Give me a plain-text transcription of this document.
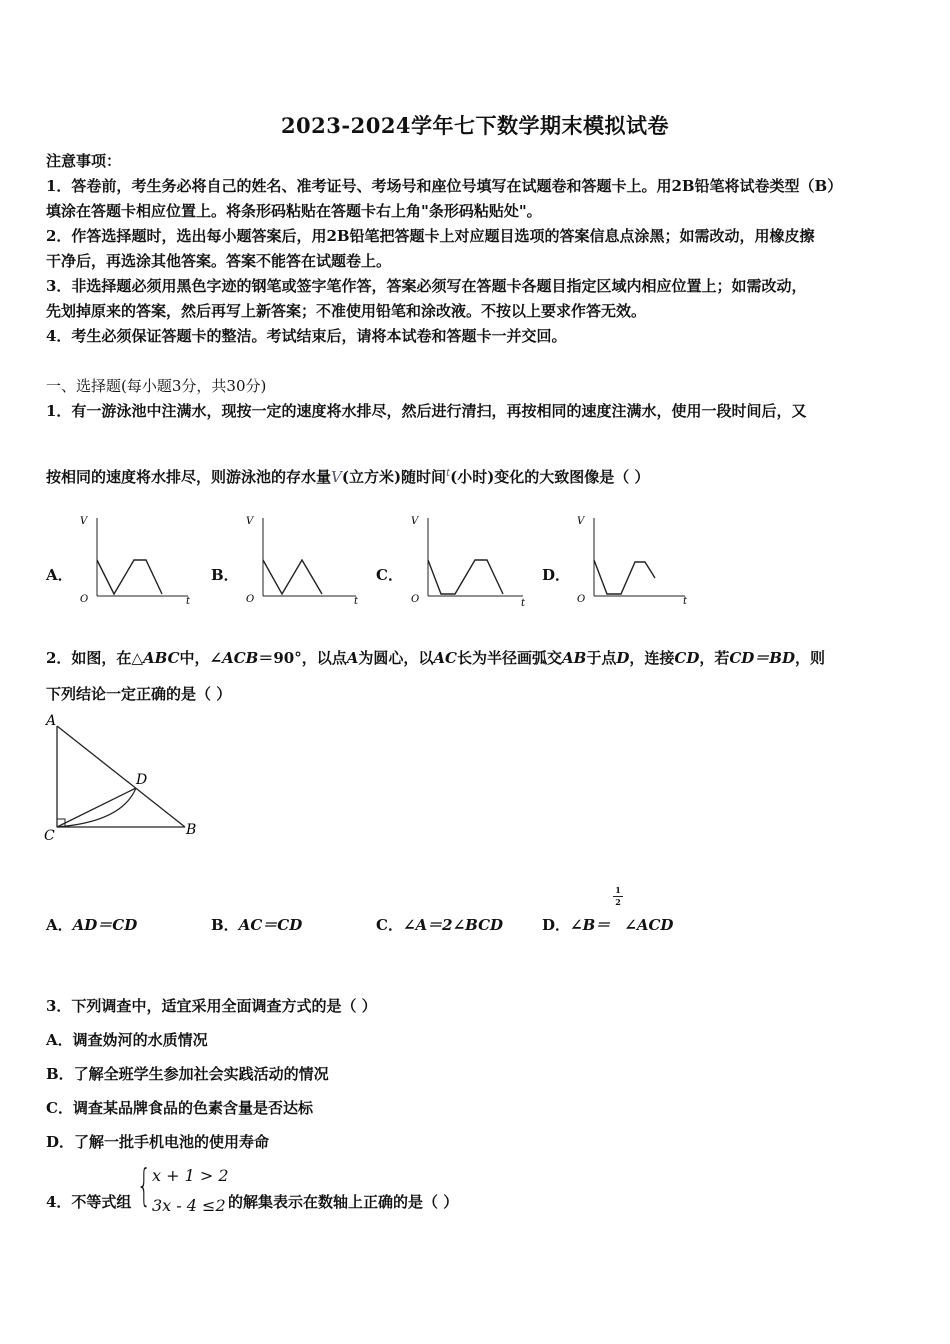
2023-2024学年七下数学期末模拟试卷
注意事项：
1．答卷前，考生务必将自己的姓名、准考证号、考场号和座位号填写在试题卷和答题卡上。用2B铅笔将试卷类型（B）
填涂在答题卡相应位置上。将条形码粘贴在答题卡右上角"条形码粘贴处"。
2．作答选择题时，选出每小题答案后，用2B铅笔把答题卡上对应题目选项的答案信息点涂黑；如需改动，用橡皮擦
干净后，再选涂其他答案。答案不能答在试题卷上。
3．非选择题必须用黑色字迹的钢笔或签字笔作答，答案必须写在答题卡各题目指定区域内相应位置上；如需改动，
先划掉原来的答案，然后再写上新答案；不准使用铅笔和涂改液。不按以上要求作答无效。
4．考生必须保证答题卡的整洁。考试结束后，请将本试卷和答题卡一并交回。
一、选择题(每小题3分，共30分)
1．有一游泳池中注满水，现按一定的速度将水排尽，然后进行清扫，再按相同的速度注满水，使用一段时间后，又
按相同的速度将水排尽，则游泳池的存水量V(立方米)随时间$^t$(小时)变化的大致图像是（ ）
A．
V
O	t
B．
V
O	t
C．
V
O	t
D．
V
O	t
2．如图，在△ABC中，∠ACB＝90°，以点A为圆心，以AC长为半径画弧交AB于点D，连接CD，若CD＝BD，则
下列结论一定正确的是（ ）
A
D
C	B
A．AD＝CD	B．AC＝CD	C．∠A＝2∠BCD	D．∠B＝ ∠ACD
1
2
3．下列调查中，适宜采用全面调查方式的是（ ）
A．调查妫河的水质情况
B．了解全班学生参加社会实践活动的情况
C．调查某品牌食品的色素含量是否达标
D．了解一批手机电池的使用寿命
4．不等式组 { x + 1 > 2
3x - 4 ≤2 的解集表示在数轴上正确的是（ ）
